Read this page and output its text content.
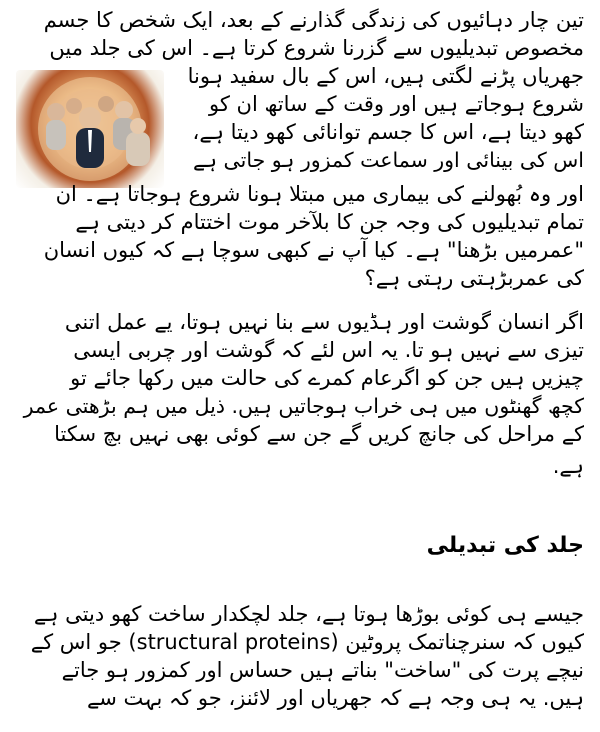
تین چار دہائیوں کی زندگی گذارنے کے بعد، ایک شخص کا جسم
مخصوص تبدیلیوں سے گزرنا شروع کرتا ہے۔ اس کی جلد میں
جھریاں پڑنے لگتی ہیں، اس کے بال سفید ہونا
شروع ہوجاتے ہیں اور وقت کے ساتھ ان کو
کھو دیتا ہے، اس کا جسم توانائی کھو دیتا ہے،
اس کی بینائی اور سماعت کمزور ہو جاتی ہے
اور وہ بُھولنے کی بیماری میں مبتلا ہونا شروع ہوجاتا ہے۔ ان
تمام تبدیلیوں کی وجہ جن کا بلآخر موت اختتام کر دیتی ہے
"عمرمیں بڑھنا" ہے۔ کیا آپ نے کبھی سوچا ہے کہ کیوں انسان
کی عمربڑہتی رہتی ہے؟
اگر انسان گوشت اور ہڈیوں سے بنا نہیں ہوتا، یے عمل اتنی
تیزی سے نہیں ہو تا. یہ اس لئے کہ گوشت اور چربی ایسی
چیزیں ہیں جن کو اگرعام کمرے کی حالت میں رکھا جائے تو
کچھ گھنٹوں میں ہی خراب ہوجاتیں ہیں. ذیل میں ہم بڑھتی عمر
کے مراحل کی جانچ کریں گے جن سے کوئی بھی نہیں بچ سکتا
ہے.
جلد کی تبدیلی
جیسے ہی کوئی بوڑھا ہوتا ہے، جلد لچکدار ساخت کھو دیتی ہے
کیوں کہ سنرچناتمک پروٹین (structural proteins) جو اس کے
نیچے پرت کی "ساخت" بناتے ہیں حساس اور کمزور ہو جاتے
ہیں. یہ ہی وجہ ہے کہ جھریاں اور لائنز، جو کہ بہت سے
